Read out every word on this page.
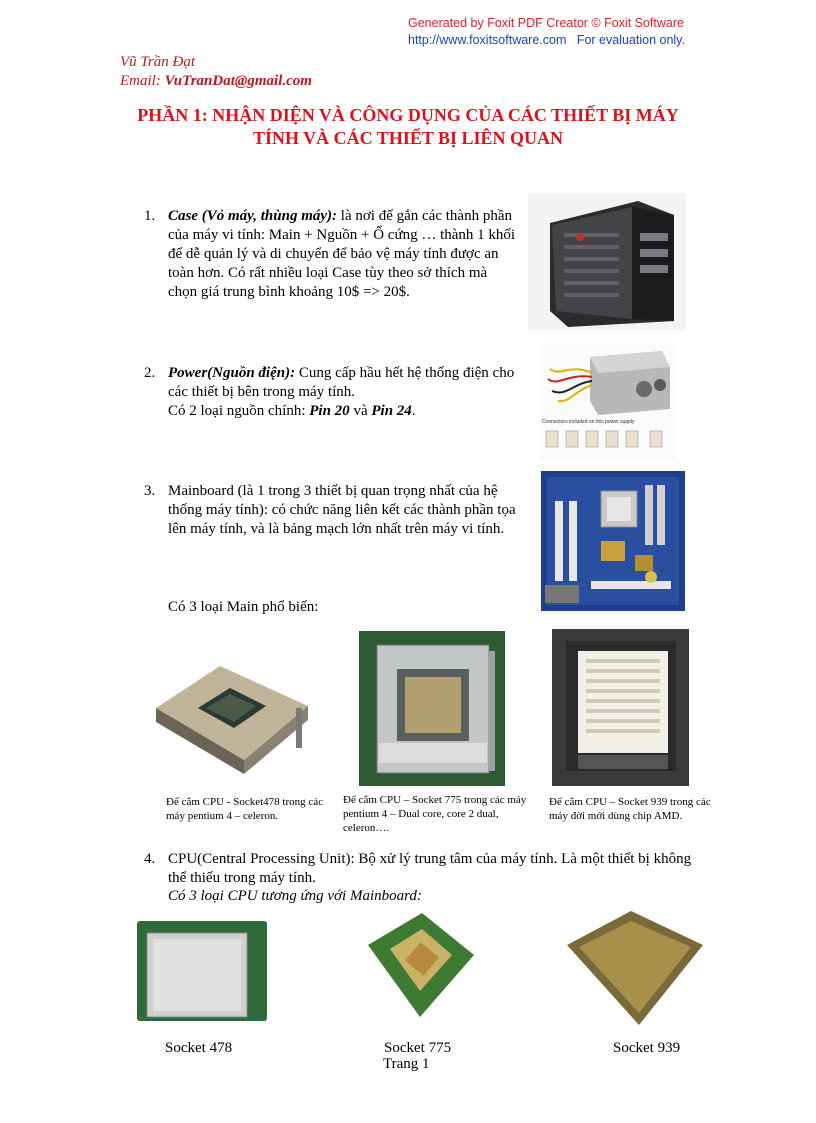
Generated by Foxit PDF Creator © Foxit Software
http://www.foxitsoftware.com For evaluation only.
Vũ Trần Đạt
Email: VuTranDat@gmail.com
PHẦN 1: NHẬN DIỆN VÀ CÔNG DỤNG CỦA CÁC THIẾT BỊ MÁY
TÍNH VÀ CÁC THIẾT BỊ LIÊN QUAN
1. Case (Vỏ máy, thùng máy): là nơi để gắn các thành phần của máy vi tính: Main + Nguồn + Ổ cứng … thành 1 khối để dễ quản lý và di chuyển để bảo vệ máy tính được an toàn hơn. Có rất nhiều loại Case tùy theo sở thích mà chọn giá trung bình khoảng 10$ => 20$.
2. Power(Nguồn điện): Cung cấp hầu hết hệ thống điện cho các thiết bị bên trong máy tính.
Có 2 loại nguồn chính: Pin 20 và Pin 24.
Connectors included on this power supply
3. Mainboard (là 1 trong 3 thiết bị quan trọng nhất của hệ thống máy tính): có chức năng liên kết các thành phần tọa lên máy tính, và là bảng mạch lớn nhất trên máy vi tính.
Có 3 loại Main phổ biến:
Đế cắm CPU - Socket478 trong các máy pentium 4 – celeron.
Đế cắm CPU – Socket 775 trong các máy pentium 4 – Dual core, core 2 dual, celeron….
Đế cắm CPU – Socket 939 trong các máy đời mới dùng chip AMD.
4. CPU(Central Processing Unit): Bộ xử lý trung tâm của máy tính. Là một thiết bị không thể thiếu trong máy tính.
Có 3 loại CPU tương ứng với Mainboard:
Socket 478	Socket 775	Socket 939
Trang 1
